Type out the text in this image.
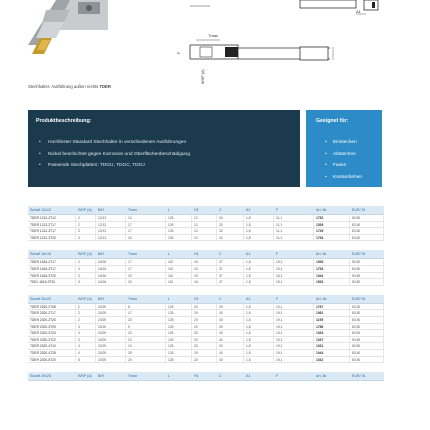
Stechhalter: Ausführung außen rechts TDER
A1
Tmax
F
WSP (A)
Produktbeschreibung:
• Hochfester Standard Stechhalter in verschiedenen Ausführungen
• Nickel beschichtet gegen Korrosion und Oberflächenbeschädigung.
• Passende Stechplatten: TDGU, TDGC, TDGJ
Geeignet für:
• Einstechen
• Abstechen
• Fasen
• Konturdrehen
Schaft 12x12	WSP (A)	B/H	Tmax	L	H1	C	A1	F	Art.-Nr.	EUR/ St.
TDER 1212-2T12	2	12/12	12	125	12	34	1,8	11,1	1752	83,50
TDER 1212-2T17	2	12/12	17	125	12	32	1,8	11,1	1539	83,50
TDER 1212-3T17	3	12/12	17	125	12	32	1,8	11,1	1749	83,50
TDER 1212-3T20	3	12/12	20	125	12	32	1,8	11,1	1794	83,50
Schaft 16x16	WSP (A)	B/H	Tmax	L	H1	C	A1	F	Art.-Nr.	EUR/ St.
TDER 1616-2T17	2	16/16	17	110	16	37	1,8	15,1	1535	83,50
TDER 1616-3T17	3	16/16	17	110	16	37	1,8	15,1	1754	83,50
TDER 1616-3T20	3	16/16	20	110	16	37	1,8	15,1	1544	83,50
TDEL 1616-3T20	3	16/16	20	110	16	37	1,8	15,1	1533	83,50
Schaft 20x20	WSP (A)	B/H	Tmax	L	H1	C	A1	F	Art.-Nr.	EUR/ St.
TDER 2020-2T08	2	20/20	8	125	20	25	1,8	19,1	1767	83,50
TDER 2020-2T17	2	20/20	17	125	20	40	1,8	19,1	1061	83,50
TDER 2020-2T20	2	20/20	20	125	20	40	1,8	19,1	1195	83,50
TDER 2020-3T09	3	20/20	9	125	20	25	1,8	19,1	1786	83,50
TDER 2020-3T20	3	20/20	20	125	20	40	1,8	19,1	1034	83,50
TDER 2020-3T22	3	20/20	22	125	20	40	1,8	19,1	1037	83,50
TDER 2020-4T10	4	20/20	10	125	20	30	1,8	19,1	1031	83,50
TDER 2020-4T25	4	20/20	25	125	20	40	1,8	19,1	1044	83,50
TDER 2020-5T20	5	20/20	20	125	20	40	1,8	19,1	1042	83,50
Schaft 25x25	WSP (A)	B/H	Tmax	L	H1	C	A1	F	Art.-Nr.	EUR/ St.
